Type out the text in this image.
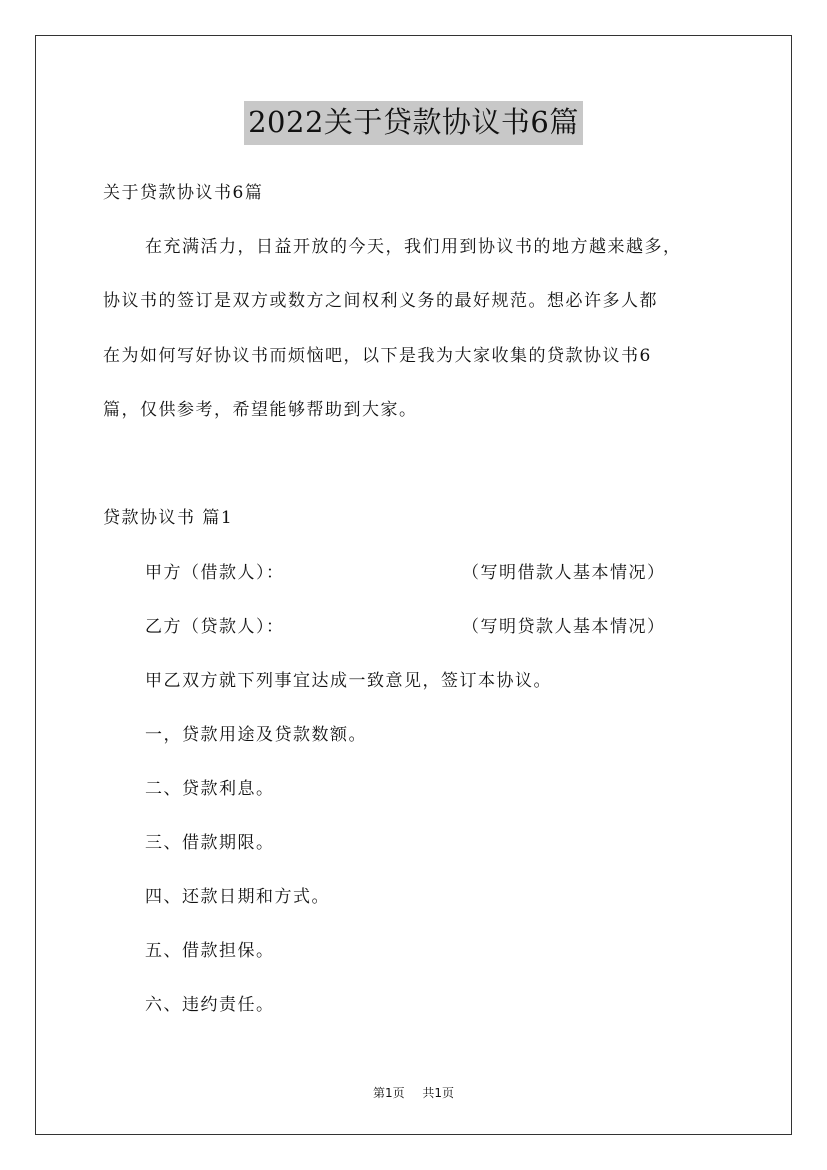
2022关于贷款协议书6篇
关于贷款协议书6篇
在充满活力，日益开放的今天，我们用到协议书的地方越来越多，
协议书的签订是双方或数方之间权利义务的最好规范。想必许多人都
在为如何写好协议书而烦恼吧，以下是我为大家收集的贷款协议书6
篇，仅供参考，希望能够帮助到大家。
贷款协议书 篇1
甲方（借款人）：	（写明借款人基本情况）
乙方（贷款人）：	（写明贷款人基本情况）
甲乙双方就下列事宜达成一致意见，签订本协议。
一，贷款用途及贷款数额。
二、贷款利息。
三、借款期限。
四、还款日期和方式。
五、借款担保。
六、违约责任。
第1页 共1页
